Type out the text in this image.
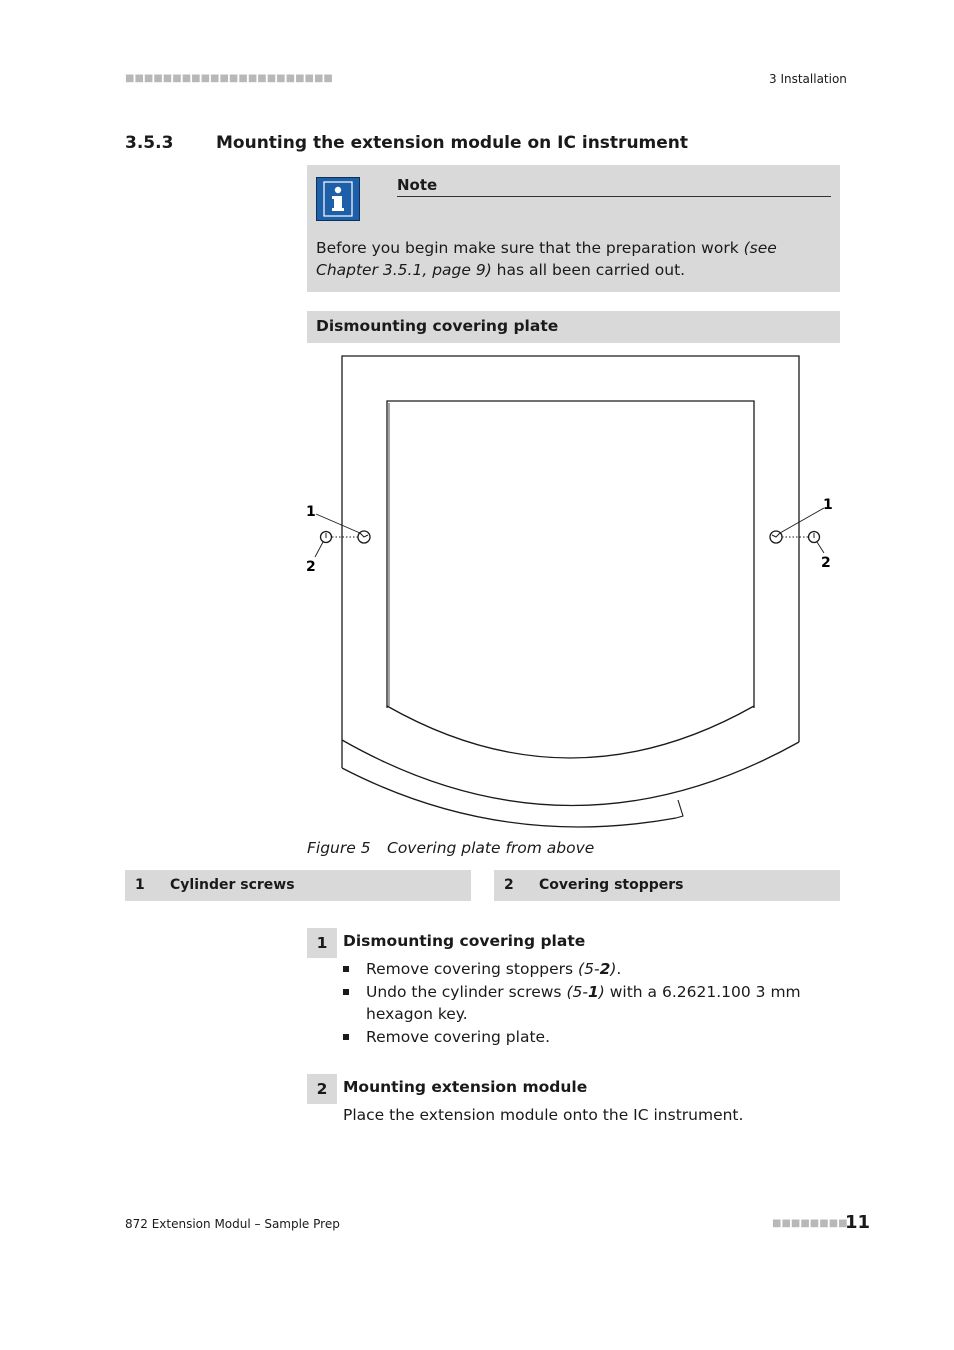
■■■■■■■■■■■■■■■■■■■■■■	3 Installation
3.5.3	Mounting the extension module on IC instrument
Note
Before you begin make sure that the preparation work (see Chapter 3.5.1, page 9) has all been carried out.
Dismounting covering plate
1
2
1
2
Figure 5 Covering plate from above
1 Cylinder screws	2 Covering stoppers
1	Dismounting covering plate
Remove covering stoppers (5-2).
Undo the cylinder screws (5-1) with a 6.2621.100 3 mm hexagon key.
Remove covering plate.
2	Mounting extension module
Place the extension module onto the IC instrument.
872 Extension Modul – Sample Prep	■■■■■■■■
11
